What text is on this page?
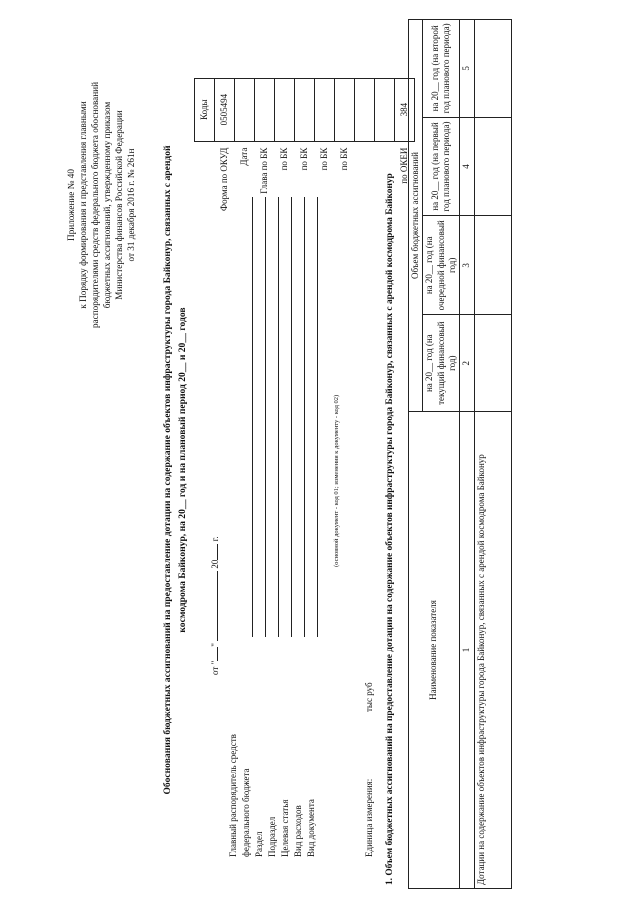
Приложение № 40 к Порядку формирования и представления главными распорядителями средств федерального бюджета обоснований бюджетных ассигнований, утвержденному приказом Министерства финансов Российской Федерации от 31 декабря 2016 г. № 261н	Обоснования бюджетных ассигнований на предоставление дотации на содержание объектов инфраструктуры города Байконур, связанных с арендой космодрома Байконур, на 20__ год и на плановый период 20__ и 20__ годов
	Коды
Форма по ОКУД	0505494
Дата	
Глава по БК	
по БК	
по БК	
по БК	
по БК	

по ОКЕИ	384
от ""  20 г.
Главный распорядитель средств федерального бюджета Раздел Подраздел Целевая статья Вид расходов Вид документа
(основной документ - код 01; изменения к документу - код 02)
Единица измерения:
тыс руб 1. Объем бюджетных ассигнований на предоставление дотации на содержание объектов инфраструктуры города Байконур, связанных с арендой космодрома Байконур	Наименование показателя	Объем бюджетных ассигнований			
	на 20__ год (на текущий финансовый год)	на 20__ год (на очередной финансовый год)	на 20__ год (на первый год планового периода)	на 20__ год (на второй год планового периода)
1	2	3	4	5
Дотации на содержание объектов инфраструктуры города Байконур, связанных с арендой космодрома Байконур				
